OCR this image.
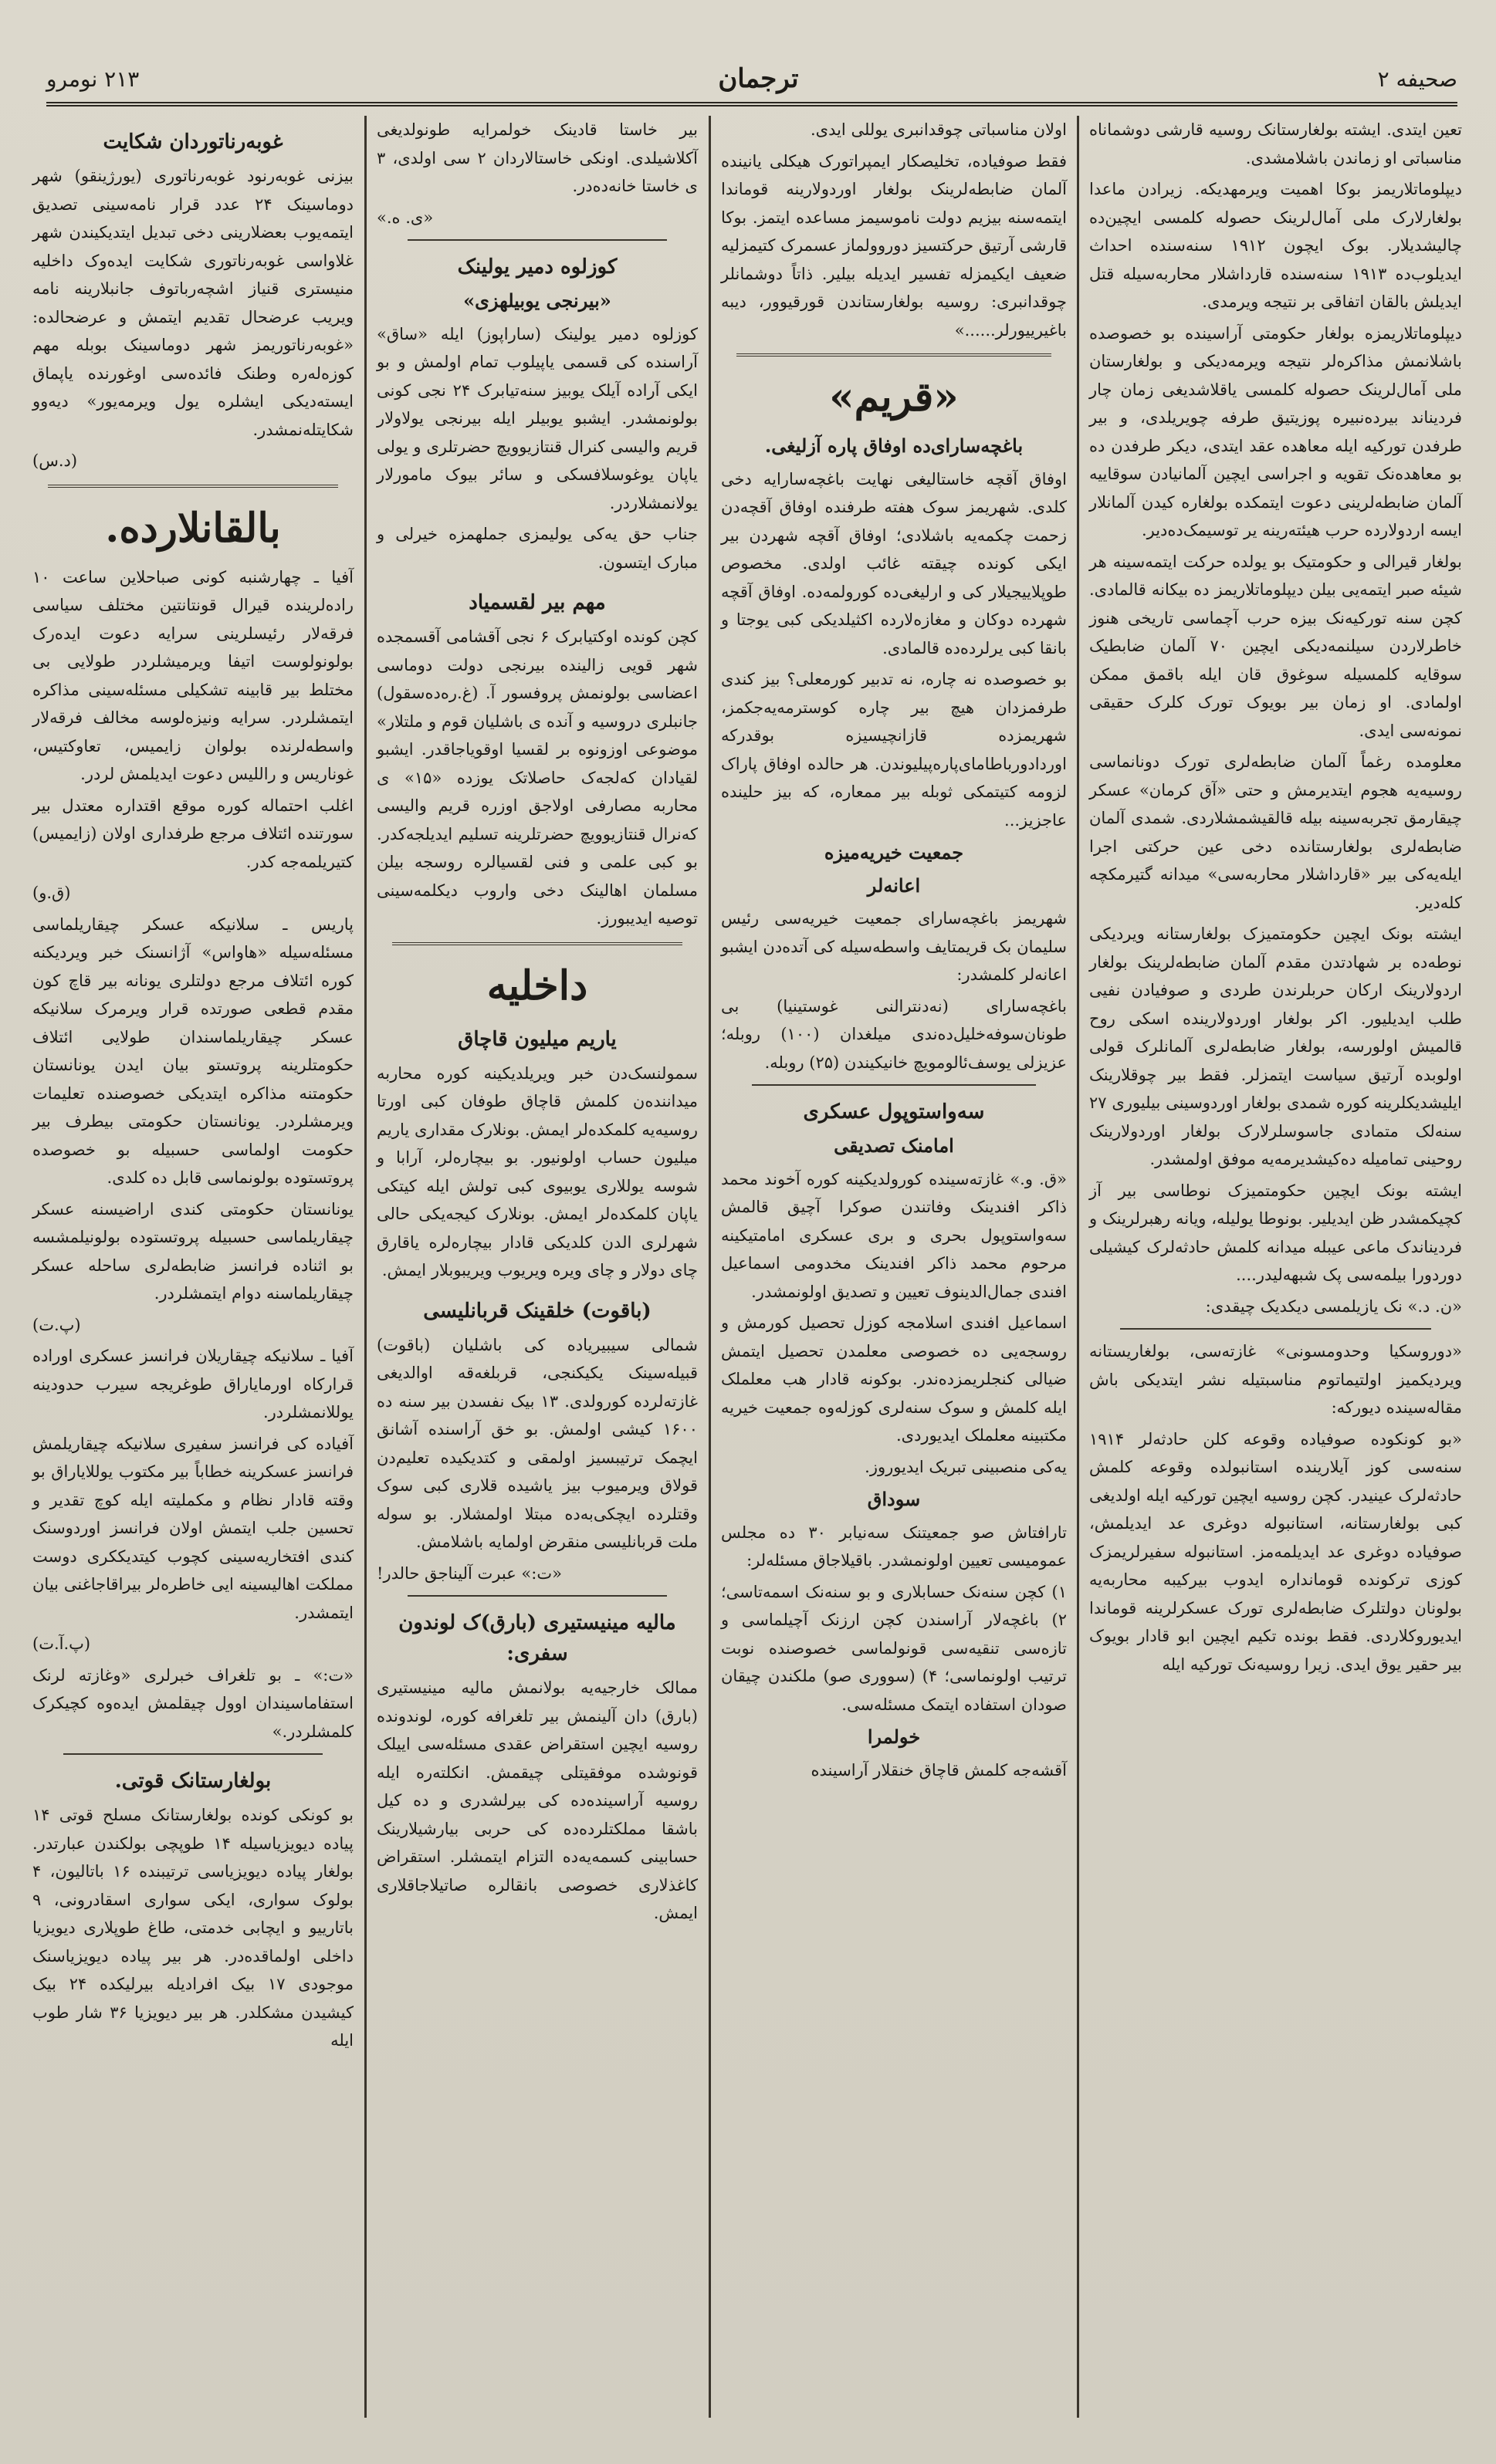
صحیفه ۲
ترجمان
۲۱۳ نومرو

تعین ایتدی. ایشته بولغارستانک روسیه قارشی دوشماناه مناسباتی او زماندن باشلامشدی.

دیپلوماتلاریمز بوکا اهمیت ویرمهدیکه. زیرادن ماعدا بولغارلارک ملی آمال‌لرینک حصوله کلمسی ایچین‌ده چالیشدیلار. بوک ایچون ۱۹۱۲ سنه‌سنده احداث ایدیلوب‌ده ۱۹۱۳ سنه‌سنده قارداشلار محاربه‌سیله قتل ایدیلش بالقان اتفاقی بر نتیجه ویرمدی.

دیپلوماتلاریمزه بولغار حکومتی آراسینده بو خصوصده باشلانمش مذاکره‌لر نتیجه ویرمه‌دیکی و بولغارستان ملی آمال‌لرینک حصوله کلمسی یاقلاشدیغی زمان چار فردیناند بیرده‌نبیره پوزیتیق طرفه چویریلدی، و بیر طرفدن تورکیه ایله معاهده عقد ایتدی، دیکر طرفدن ده بو معاهده‌نک تقویه و اجراسی ایچین آلمانیادن سوقاییه آلمان ضابطه‌لرینی دعوت ایتمکده بولغاره کیدن آلمانلار ایسه اردولارده حرب هیئته‌رینه یر توسیمک‌ده‌دیر.

بولغار قیرالی و حکومتیک بو یولده حرکت ایتمه‌سینه هر شیئه صبر ایتمه‌یی بیلن دیپلوماتلاریمز ده بیکانه قالمادی. کچن سنه تورکیه‌نک بیزه حرب آچماسی تاریخی هنوز خاطرلاردن سیلنمه‌دیکی ایچین ۷۰ آلمان ضابطیک سوقایه کلمسیله سوغوق قان ایله باقمق ممکن اولمادی. او زمان بیر بویوک تورک کلرک حقیقی نمونه‌سی ایدی.

معلومده رغماً آلمان ضابطه‌لری تورک دونانماسی روسیه‌یه هجوم ایتدیرمش و حتی «آق کرمان» عسکر چیقارمق تجربه‌سینه بیله قالقیشمشلاردی. شمدی آلمان ضابطه‌لری بولغارستانده دخی عین حرکتی اجرا ایله‌یه‌کی بیر «قارداشلار محاربه‌سی» میدانه گتیرمکچه کله‌دیر.

ایشته بونک ایچین حکومتمیزک بولغارستانه ویردیکی نوطه‌ده بر شهادتدن مقدم آلمان ضابطه‌لرینک بولغار اردولارینک ارکان حربلرندن طردی و صوفیادن نفیی طلب ایدیلیور. اکر بولغار اوردولارینده اسکی روح قالمیش اولورسه، بولغار ضابطه‌لری آلمانلرک قولی اولوبده آرتیق سیاست ایتمزلر. فقط بیر چوقلارینک ایلیشدیکلرینه کوره شمدی بولغار اوردوسینی بیلیوری ۲۷ سنه‌لک متمادی جاسوسلرلارک بولغار اوردولارینک روحینی تمامیله ده‌کیشدیرمه‌یه موفق اولمشدر.

ایشته بونک ایچین حکومتمیزک نوطاسی بیر آز کچیکمشدر ظن ایدیلیر. بونوطا یولیله، ویانه رهبرلرینک و فردیناندک ماعی عیبله میدانه کلمش حادثه‌لرک کیشیلی دوردورا بیلمه‌سی پک شبهه‌لیدر....

«ن. د.» نک یازیلمسی دیکدیک چیقدی:

«دوروسکیا وحدومسونی» غازته‌سی، بولغاریستانه ویردیکمیز اولتیماتوم مناسبتیله نشر ایتدیکی باش مقاله‌سینده دیورکه:

«بو کونکوده صوفیاده وقوعه کلن حادثه‌لر ۱۹۱۴ سنه‌سی کوز آیلارینده استانبولده وقوعه کلمش حادثه‌لرک عینیدر. کچن روسیه ایچین تورکیه ایله اولدیغی کبی بولغارستانه، استانبوله دوغری عد ایدیلمش، صوفیاده دوغری عد ایدیلمه‌مز. استانبوله سفیرلریمزک کوزی ترکونده قومانداره ایدوب بیرکیبه محاربه‌یه بولونان دولتلرک ضابطه‌لری تورک عسکرلرینه قوماندا ایدیوروکلاردی. فقط بونده تکیم ایچین ابو قادار بویوک بیر حقیر یوق ایدی. زیرا روسیه‌نک تورکیه ایله

اولان مناسباتی چوقدانبری یوللی ایدی.

فقط صوفیاده، تخلیصکار ایمپراتورک هیکلی یانینده آلمان ضابطه‌لرینک بولغار اوردولارینه قوماندا ایتمه‌سنه بیزیم دولت ناموسیمز مساعده ایتمز. بوکا قارشی آرتیق حرکتسیز دوروولماز عسمرک کتیمزلیه ضعیف ایکیمزله تفسیر ایدیله بیلیر. ذاتاً دوشمانلر چوقدانبری: روسیه بولغارستاندن قورقیوور، دیبه باغیرییورلر......»

«قریم»
باغچه‌سارای‌ده اوفاق پاره آزلیغی.

اوفاق آقچه خاستالیغی نهایت باغچه‌سارایه دخی کلدی. شهریمز سوک هفته طرفنده اوفاق آقچه‌دن زحمت چکمه‌یه باشلادی؛ اوفاق آقچه شهردن بیر ایکی کونده چیقته غائب اولدی. مخصوص طوپلاییجیلار کی و ارلیغی‌ده کورولمه‌ده. اوفاق آقچه شهرده دوکان و مغازه‌لارده اکثیلدیکی کبی یوجتا و بانقا کبی یرلرده‌ده قالمادی.

بو خصوصده نه چاره، نه تدبیر کورمعلی؟ بیز کندی طرفمزدان هیچ بیر چاره کوسترمه‌یه‌جکمز، شهریمزده قازانچیسیزه بوقدرکه اوردادورباطامای‌پاره‌پیلیوندن. هر حالده اوفاق پاراک لزومه کتیتمکی ثوبله بیر ممعاره، که بیز حلینده عاجزیز...

جمعیت خیریه‌میزه
اعانه‌لر

شهریمز باغچه‌سارای جمعیت خیریه‌سی رئیس سلیمان بک قریمتایف واسطه‌سیله کی آتده‌دن ایشبو اعانه‌لر کلمشدر:

باغچه‌سارای (نه‌دنترالنی غوستینیا) بی طونان‌سوفه‌خلیل‌ده‌ندی میلغدان (۱۰۰) روبله؛ عزیزلی یوسف‌ئالومویچ خانیکیندن (۲۵) روبله.

سه‌واستوپول عسکری
امامنک تصدیقی

«ق. و.» غازته‌سینده کورولدیکینه کوره آخوند محمد ذاکر افندینک وفاتندن صوکرا آچیق قالمش سه‌واستوپول بحری و بری عسکری امامتیکینه مرحوم محمد ذاکر افندینک مخدومی اسماعیل افندی جمال‌الدینوف تعیین و تصدیق اولونمشدر.

اسماعیل افندی اسلامجه کوزل تحصیل کورمش و روسجه‌یی ده خصوصی معلمدن تحصیل ایتمش ضیالی کنجلریمزده‌ندر. بوکونه قادار هب معلملک ایله کلمش و سوک سنه‌لری کوزله‌وه جمعیت خیریه مکتبینه معلملک ایدیوردی.

یه‌کی منصبینی تبریک ایدیوروز.

سوداق

تارافتاش صو جمعیتنک سه‌نیابر ۳۰ ده مجلس عمومیسی تعیین اولونمشدر. باقیلاجاق مسئله‌لر:

۱) کچن سنه‌نک حسابلاری و بو سنه‌نک اسمه‌تاسی؛ ۲) باغچه‌لار آراسندن کچن ارزنک آچیلماسی و تازه‌سی تنقیه‌سی قونولماسی خصوصنده نوبت ترتیب اولونماسی؛ ۴) (سووری صو) ملکندن چیقان صودان استفاده ایتمک مسئله‌سی.

خولمرا

آقشه‌جه کلمش قاچاق خنقلار آراسینده

بیر خاستا قادینک خولمرایه طونولدیغی آکلاشیلدی. اونکی خاستالاردان ۲ سی اولدی، ۳ ی خاستا خانه‌ده‌در.

«ی. ه.»

کوزلوه دمیر یولینک
«بیرنجی یوبیلهزی»

کوزلوه دمیر یولینک (ساراپوز) ایله «ساق» آراسنده کی قسمی یاپیلوب تمام اولمش و بو ایکی آراده آیلک یوبیز سنه‌تیابرک ۲۴ نجی کونی بولونمشدر. ایشبو یوبیلر ایله بیرنجی یولاولار قریم والیسی کنرال قنتازیوویچ حضرتلری و یولی یاپان یوغوسلافسکی و سائر بیوک مامورلار یولانمشلاردر.

جناب حق یه‌کی یولیمزی جملهمزه خیرلی و مبارک ایتسون.

مهم بیر لقسمیاد

کچن کونده اوکتیابرک ۶ نجی آقشامی آقسمجده شهر قویی زالینده بیرنجی دولت دوماسی اعضاسی بولونمش پروفسور آ. (غ.ره‌ده‌سقول) جانبلری دروسیه و آنده ی باشلیان قوم و ملتلار» موضوعی اوزونوه بر لقسیا اوقویاجاقدر. ایشبو لقیادان که‌لجه‌ک حاصلاتک یوزده «۱۵» ی محاربه مصارفی اولاجق اوزره قریم والیسی که‌نرال قنتازیوویچ حضرتلرینه تسلیم ایدیلجه‌کدر. بو کبی علمی و فنی لقسیالره روسجه بیلن مسلمان اهالینک دخی واروب دیکلمه‌سینی توصیه ایدیبورز.

داخلیه
یاریم میلیون قاچاق

سمولنسک‌دن خبر ویریلدیکینه کوره محاربه میداننده‌ن کلمش قاچاق طوفان کبی اورتا روسیه‌یه کلمکده‌لر ایمش. بونلارک مقداری یاریم میلیون حساب اولونیور. بو بیچاره‌لر، آرابا و شوسه یوللاری یوبیوی کبی تولش ایله کیتکی یاپان کلمکده‌لر ایمش. بونلارک کیجه‌یکی حالی شهرلری الدن کلدیکی قادار بیچاره‌لره یاقارق چای دولار و چای ویره ویریوب ویریبوبلار ایمش.

(باقوت) خلقینک قربانلیسی

شمالی سیبیریاده کی باشلیان (باقوت) قبیله‌سینک یکیکنجی، قربلغه‌قه اوالدیغی غازته‌لرده کورولدی. ۱۳ بیک نفسدن بیر سنه ده ۱۶۰۰ کیشی اولمش. بو خق آراسنده آشانق ایچمک ترتیبسیز اولمقی و کتدیکیده تعلیم‌دن قولاق ویرمیوب بیز یاشیده قلاری کبی سوک وقتلرده ایچکی‌به‌ده مبتلا اولمشلار. بو سوله ملت قربانلیسی منقرض اولمایه باشلامش.

«ت:» عبرت آلیناجق حالدر!

مالیه مینیستیری (بارق)ک لوندون سفری:

ممالک خارجیه‌یه بولانمش مالیه مینیستیری (بارق) دان آلینمش بیر تلغرافه کوره، لوندونده روسیه ایچین استقراض عقدی مسئله‌سی اییلک قونوشده موفقیتلی چیقمش. انکلته‌ره ایله روسیه آراسینده‌ده کی بیرلشدری و ده کیل باشقا مملکتلرده‌ده کی حربی بیارشیلارینک حسابینی کسمه‌یه‌ده التزام ایتمشلر. استقراض کاغذلاری خصوصی بانقالره صاتیلاجاقلاری ایمش.

غوبه‌رناتوردان شکایت

بیزنی غوبه‌رنود غوبه‌رناتوری (یورژینقو) شهر دوماسینک ۲۴ عدد قرار نامه‌سینی تصدیق ایتمه‌یوب بعضلارینی دخی تبدیل ایتدیکیندن شهر غلاواسی غوبه‌رناتوری شکایت ایده‌وک داخلیه منیستری قنیاز اشچه‌رباتوف جانبلارینه نامه ویریب عرضحال تقدیم ایتمش و عرضحالده: «غوبه‌رناتوریمز شهر دوماسینک بوبله مهم کوزه‌له‌ره وطنک فائده‌سی اوغورنده یاپماق ایسته‌دیکی ایشلره یول ویرمه‌یور» دیه‌وو شکایتله‌نمشدر.

(د.س)

بالقانلارده.

آفیا ـ چهارشنبه کونی صباحلاین ساعت ۱۰ راده‌لرینده قیرال قونتانتین مختلف سیاسی فرقه‌لار رئیسلرینی سرایه دعوت ایده‌رک بولونولوست اتیفا ویرمیشلردر طولایی بی مختلط بیر قابینه تشکیلی مسئله‌سینی مذاکره ایتمشلردر. سرایه ونیزه‌لوسه مخالف فرقه‌لار واسطه‌لرنده بولوان زایمیس، تعاوکتیس، غوناریس و راللیس دعوت ایدیلمش لردر.

اغلب احتماله کوره موقع اقتداره معتدل بیر سورتنده ائتلاف مرجع طرفداری اولان (زایمیس) کتیریلمه‌جه کدر.

(ق.و)

پاریس ـ سلانیکه عسکر چیقاریلماسی مسئله‌سیله «هاواس» آژانسنک خبر ویردیکنه کوره ائتلاف مرجع دولتلری یونانه بیر قاچ کون مقدم قطعی صورتده قرار ویرمرک سلانیکه عسکر چیقاریلماسندان طولایی ائتلاف حکومتلرینه پروتستو بیان ایدن یونانستان حکومتنه مذاکره ایتدیکی خصوصنده تعلیمات ویرمشلردر. یونانستان حکومتی بیطرف بیر حکومت اولماسی حسبیله بو خصوصده پروتستوده بولونماسی قابل ده کلدی.

یونانستان حکومتی کندی اراضیسنه عسکر چیقاریلماسی حسبیله پروتستوده بولونیلمشسه بو اثناده فرانسز ضابطه‌لری ساحله عسکر چیقاریلماسنه دوام ایتمشلردر.

(پ.ت)

آفیا ـ سلانیکه چیقاریلان فرانسز عسکری اوراده قرارکاه اورمایاراق طوغریجه سیرب حدودینه یوللانمشلردر.

آفیاده کی فرانسز سفیری سلانیکه چیقاریلمش فرانسز عسکرینه خطاباً بیر مکتوب یوللایاراق بو وقته قادار نظام و مکملیته ایله کوچ تقدیر و تحسین جلب ایتمش اولان فرانسز اوردوسنک کندی افتخاریه‌سینی کچوب کیتدیککری دوست مملکت اهالیسینه ایی خاطره‌لر بیراقاجاغنی بیان ایتمشدر.

(پ.آ.ت)

«ت:» ـ بو تلغراف خبرلری «وغازته لرنک استفاماسیندان اوول چیقلمش ایده‌وه کچیکرک کلمشلردر.»

بولغارستانک قوتی.

بو کونکی کونده بولغارستانک مسلح قوتی ۱۴ پیاده دیویزیاسیله ۱۴ طوپچی بولکندن عبارتدر. بولغار پیاده دیویزیاسی ترتیبنده ۱۶ باتالیون، ۴ بولوک سواری، ایکی سواری اسقادرونی، ۹ باتارییو و ایچابی خدمتی، طاغ طوپلاری دیویزیا داخلی اولماقده‌در. هر بیر پیاده دیویزیاسنک موجودی ۱۷ بیک افرادیله بیرلیکده ۲۴ بیک کیشیدن مشکلدر. هر بیر دیویزیا ۳۶ شار طوب ایله
